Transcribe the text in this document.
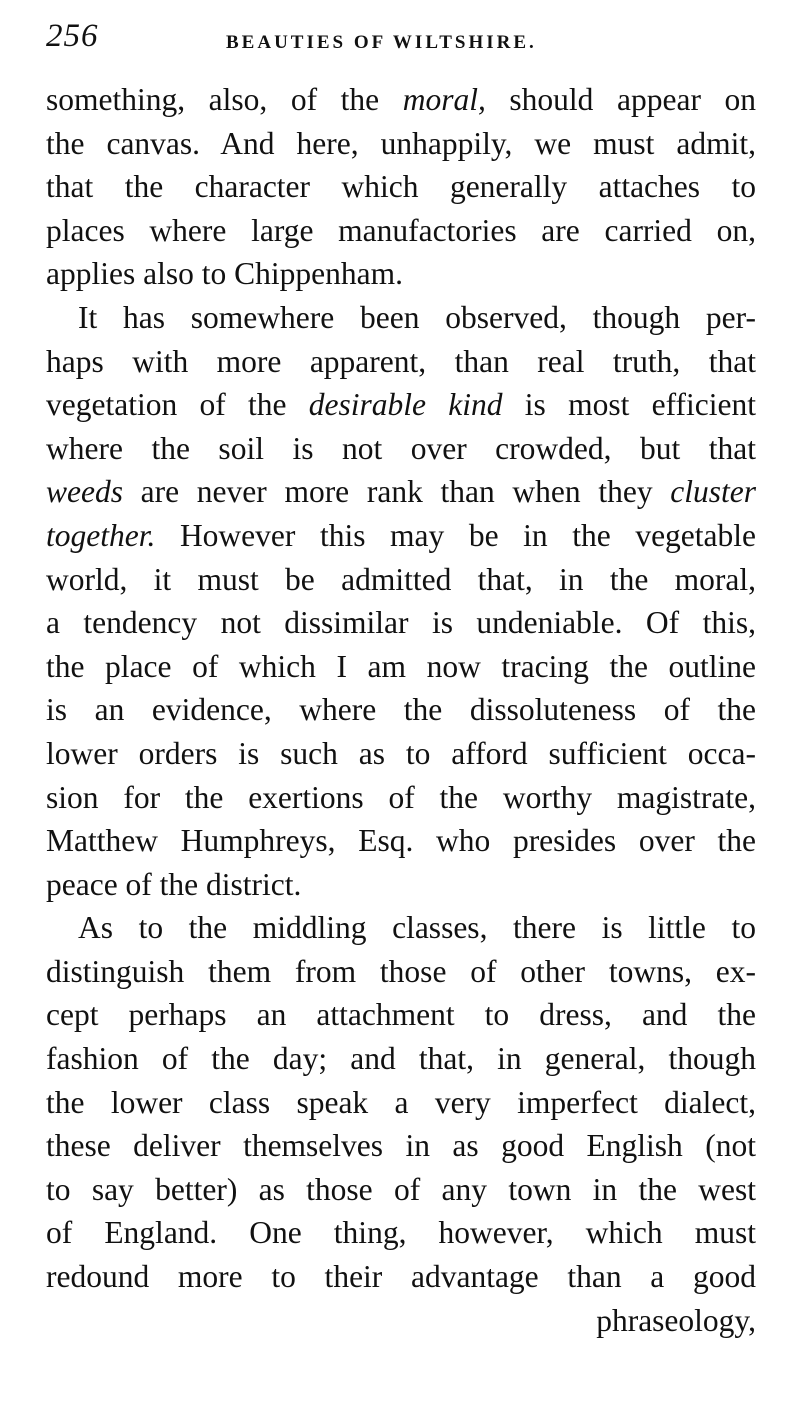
256	BEAUTIES OF WILTSHIRE.
something, also, of the moral, should appear on
the canvas. And here, unhappily, we must admit,
that the character which generally attaches to
places where large manufactories are carried on,
applies also to Chippenham.
It has somewhere been observed, though per-
haps with more apparent, than real truth, that
vegetation of the desirable kind is most efficient
where the soil is not over crowded, but that
weeds are never more rank than when they cluster
together. However this may be in the vegetable
world, it must be admitted that, in the moral,
a tendency not dissimilar is undeniable. Of this,
the place of which I am now tracing the outline
is an evidence, where the dissoluteness of the
lower orders is such as to afford sufficient occa-
sion for the exertions of the worthy magistrate,
Matthew Humphreys, Esq. who presides over the
peace of the district.
As to the middling classes, there is little to
distinguish them from those of other towns, ex-
cept perhaps an attachment to dress, and the
fashion of the day; and that, in general, though
the lower class speak a very imperfect dialect,
these deliver themselves in as good English (not
to say better) as those of any town in the west
of England. One thing, however, which must
redound more to their advantage than a good
phraseology,
